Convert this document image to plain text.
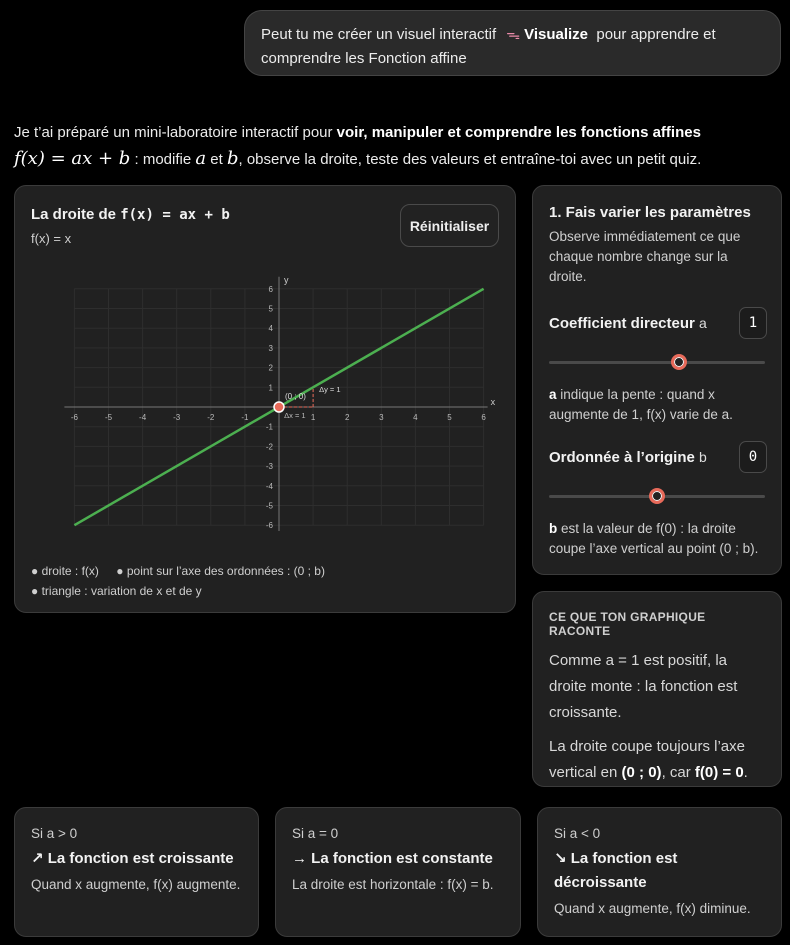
Peut tu me créer un visuel interactif ᯓ Visualize pour apprendre et comprendre les Fonction affine
Je t’ai préparé un mini-laboratoire interactif pour voir, manipuler et comprendre les fonctions affines
f(x) = ax + b : modifie a et b, observe la droite, teste des valeurs et entraîne-toi avec un petit quiz.
La droite de f(x) = ax + b
f(x) = x
Réinitialiser
x
y
-6	-5	-4	-3	-2	-1	1	2	3	4	5	6
6
5
4
3
2
1
-1
-2
-3
-4
-5
-6
Δx = 1
Δy = 1
(0 ; 0)
● droite : f(x) ● point sur l’axe des ordonnées : (0 ; b)
● triangle : variation de x et de y
1. Fais varier les paramètres
Observe immédiatement ce que chaque nombre change sur la droite.
Coefficient directeur a	1
a indique la pente : quand x augmente de 1, f(x) varie de a.
Ordonnée à l’origine b	0
b est la valeur de f(0) : la droite coupe l’axe vertical au point (0 ; b).
CE QUE TON GRAPHIQUE RACONTE
Comme a = 1 est positif, la droite monte : la fonction est croissante.
La droite coupe toujours l’axe vertical en (0 ; 0), car f(0) = 0.
Si a > 0
↗ La fonction est croissante
Quand x augmente, f(x) augmente.
Si a = 0
→ La fonction est constante
La droite est horizontale : f(x) = b.
Si a < 0
↘ La fonction est décroissante
Quand x augmente, f(x) diminue.
